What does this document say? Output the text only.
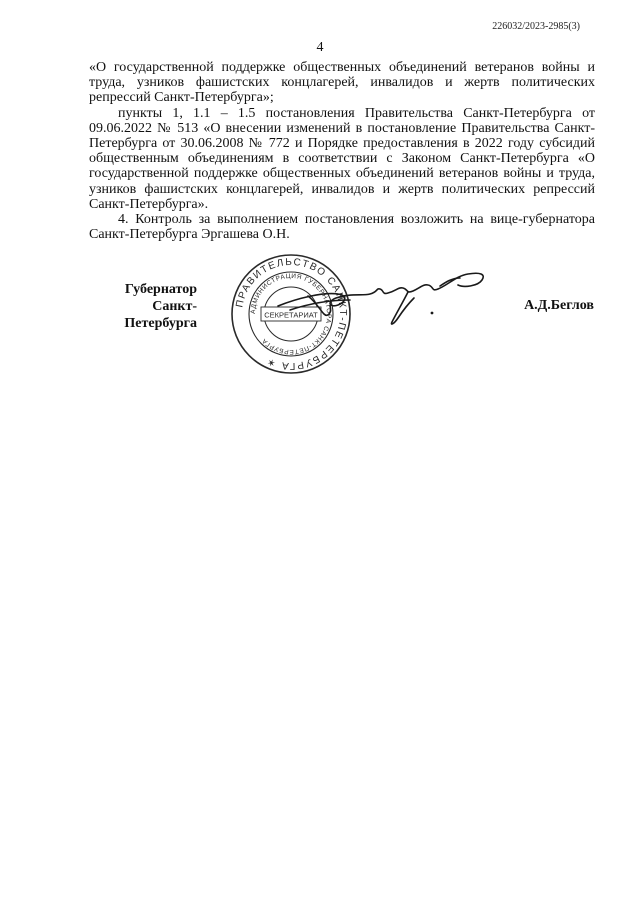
226032/2023-2985(3)
4

«О государственной поддержке общественных объединений ветеранов войны и труда, узников фашистских концлагерей, инвалидов и жертв политических репрессий Санкт-Петербурга»;

пункты 1, 1.1 – 1.5 постановления Правительства Санкт-Петербурга от 09.06.2022 № 513 «О внесении изменений в постановление Правительства Санкт-Петербурга от 30.06.2008 № 772 и Порядке предоставления в 2022 году субсидий общественным объединениям в соответствии с Законом Санкт-Петербурга «О государственной поддержке общественных объединений ветеранов войны и труда, узников фашистских концлагерей, инвалидов и жертв политических репрессий Санкт-Петербурга».

4. Контроль за выполнением постановления возложить на вице-губернатора Санкт-Петербурга Эргашева О.Н.

Губернатор
Санкт-Петербурга
ПРАВИТЕЛЬСТВО САНКТ-ПЕТЕРБУРГА ✶
АДМИНИСТРАЦИЯ ГУБЕРНАТОРА САНКТ-ПЕТЕРБУРГА
СЕКРЕТАРИАТ
А.Д.Беглов
